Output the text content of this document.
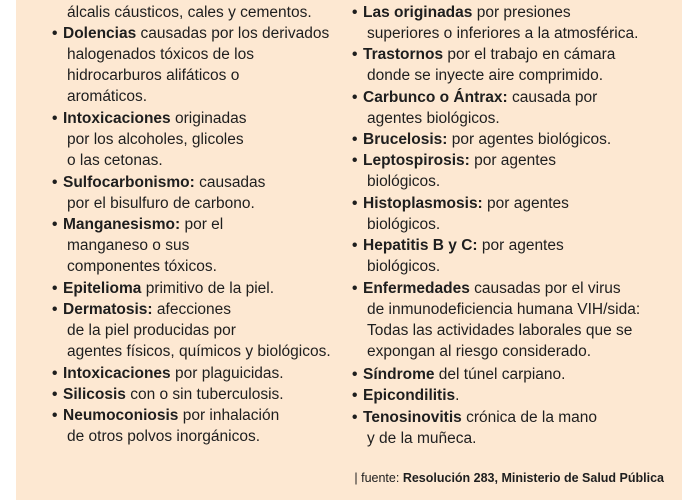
álcalis cáusticos, cales y cementos.
• Dolencias causadas por los derivados
halogenados tóxicos de los
hidrocarburos alifáticos o
aromáticos.
• Intoxicaciones originadas
por los alcoholes, glicoles
o las cetonas.
• Sulfocarbonismo: causadas
por el bisulfuro de carbono.
• Manganesismo: por el
manganeso o sus
componentes tóxicos.
• Epitelioma primitivo de la piel.
• Dermatosis: afecciones
de la piel producidas por
agentes físicos, químicos y biológicos.
• Intoxicaciones por plaguicidas.
• Silicosis con o sin tuberculosis.
• Neumoconiosis por inhalación
de otros polvos inorgánicos.
• Las originadas por presiones
superiores o inferiores a la atmosférica.
• Trastornos por el trabajo en cámara
donde se inyecte aire comprimido.
• Carbunco o Ántrax: causada por
agentes biológicos.
• Brucelosis: por agentes biológicos.
• Leptospirosis: por agentes
biológicos.
• Histoplasmosis: por agentes
biológicos.
• Hepatitis B y C: por agentes
biológicos.
• Enfermedades causadas por el virus
de inmunodeficiencia humana VIH/sida:
Todas las actividades laborales que se
expongan al riesgo considerado.
• Síndrome del túnel carpiano.
• Epicondilitis.
• Tenosinovitis crónica de la mano
y de la muñeca.
| fuente: Resolución 283, Ministerio de Salud Pública
